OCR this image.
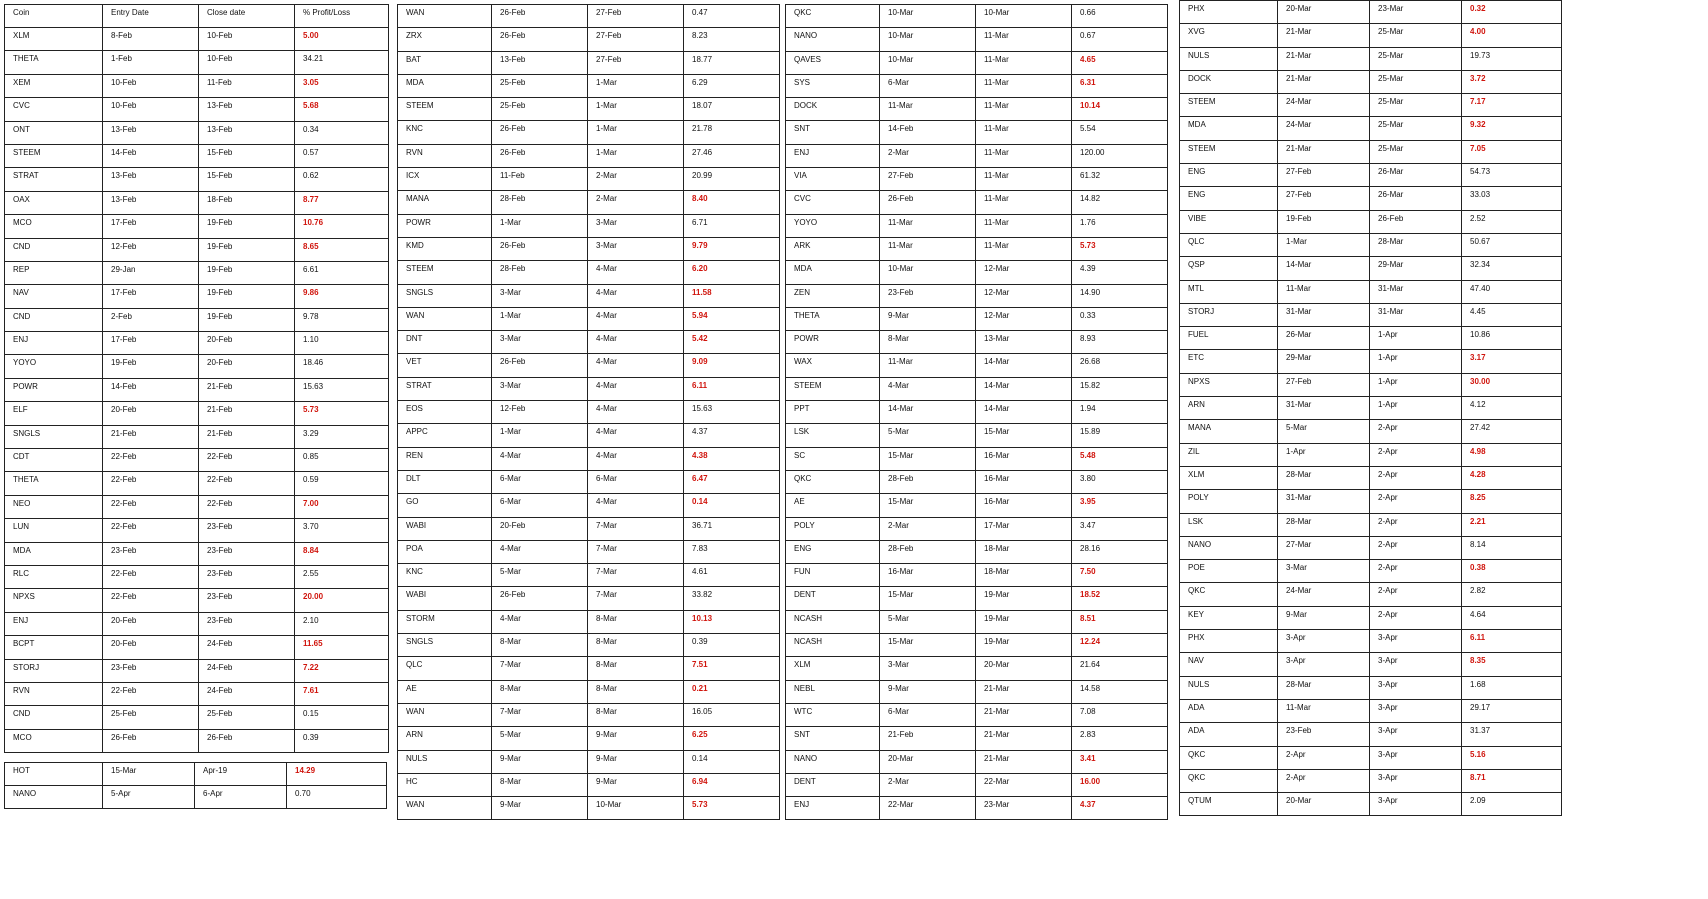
Coin	Entry Date	Close date	% Profit/Loss
XLM	8-Feb	10-Feb	5.00
THETA	1-Feb	10-Feb	34.21
XEM	10-Feb	11-Feb	3.05
CVC	10-Feb	13-Feb	5.68
ONT	13-Feb	13-Feb	0.34
STEEM	14-Feb	15-Feb	0.57
STRAT	13-Feb	15-Feb	0.62
OAX	13-Feb	18-Feb	8.77
MCO	17-Feb	19-Feb	10.76
CND	12-Feb	19-Feb	8.65
REP	29-Jan	19-Feb	6.61
NAV	17-Feb	19-Feb	9.86
CND	2-Feb	19-Feb	9.78
ENJ	17-Feb	20-Feb	1.10
YOYO	19-Feb	20-Feb	18.46
POWR	14-Feb	21-Feb	15.63
ELF	20-Feb	21-Feb	5.73
SNGLS	21-Feb	21-Feb	3.29
CDT	22-Feb	22-Feb	0.85
THETA	22-Feb	22-Feb	0.59
NEO	22-Feb	22-Feb	7.00
LUN	22-Feb	23-Feb	3.70
MDA	23-Feb	23-Feb	8.84
RLC	22-Feb	23-Feb	2.55
NPXS	22-Feb	23-Feb	20.00
ENJ	20-Feb	23-Feb	2.10
BCPT	20-Feb	24-Feb	11.65
STORJ	23-Feb	24-Feb	7.22
RVN	22-Feb	24-Feb	7.61
CND	25-Feb	25-Feb	0.15
MCO	26-Feb	26-Feb	0.39
HOT	15-Mar	Apr-19	14.29
NANO	5-Apr	6-Apr	0.70
WAN	26-Feb	27-Feb	0.47
ZRX	26-Feb	27-Feb	8.23
BAT	13-Feb	27-Feb	18.77
MDA	25-Feb	1-Mar	6.29
STEEM	25-Feb	1-Mar	18.07
KNC	26-Feb	1-Mar	21.78
RVN	26-Feb	1-Mar	27.46
ICX	11-Feb	2-Mar	20.99
MANA	28-Feb	2-Mar	8.40
POWR	1-Mar	3-Mar	6.71
KMD	26-Feb	3-Mar	9.79
STEEM	28-Feb	4-Mar	6.20
SNGLS	3-Mar	4-Mar	11.58
WAN	1-Mar	4-Mar	5.94
DNT	3-Mar	4-Mar	5.42
VET	26-Feb	4-Mar	9.09
STRAT	3-Mar	4-Mar	6.11
EOS	12-Feb	4-Mar	15.63
APPC	1-Mar	4-Mar	4.37
REN	4-Mar	4-Mar	4.38
DLT	6-Mar	6-Mar	6.47
GO	6-Mar	4-Mar	0.14
WABI	20-Feb	7-Mar	36.71
POA	4-Mar	7-Mar	7.83
KNC	5-Mar	7-Mar	4.61
WABI	26-Feb	7-Mar	33.82
STORM	4-Mar	8-Mar	10.13
SNGLS	8-Mar	8-Mar	0.39
QLC	7-Mar	8-Mar	7.51
AE	8-Mar	8-Mar	0.21
WAN	7-Mar	8-Mar	16.05
ARN	5-Mar	9-Mar	6.25
NULS	9-Mar	9-Mar	0.14
HC	8-Mar	9-Mar	6.94
WAN	9-Mar	10-Mar	5.73
QKC	10-Mar	10-Mar	0.66
NANO	10-Mar	11-Mar	0.67
QAVES	10-Mar	11-Mar	4.65
SYS	6-Mar	11-Mar	6.31
DOCK	11-Mar	11-Mar	10.14
SNT	14-Feb	11-Mar	5.54
ENJ	2-Mar	11-Mar	120.00
VIA	27-Feb	11-Mar	61.32
CVC	26-Feb	11-Mar	14.82
YOYO	11-Mar	11-Mar	1.76
ARK	11-Mar	11-Mar	5.73
MDA	10-Mar	12-Mar	4.39
ZEN	23-Feb	12-Mar	14.90
THETA	9-Mar	12-Mar	0.33
POWR	8-Mar	13-Mar	8.93
WAX	11-Mar	14-Mar	26.68
STEEM	4-Mar	14-Mar	15.82
PPT	14-Mar	14-Mar	1.94
LSK	5-Mar	15-Mar	15.89
SC	15-Mar	16-Mar	5.48
QKC	28-Feb	16-Mar	3.80
AE	15-Mar	16-Mar	3.95
POLY	2-Mar	17-Mar	3.47
ENG	28-Feb	18-Mar	28.16
FUN	16-Mar	18-Mar	7.50
DENT	15-Mar	19-Mar	18.52
NCASH	5-Mar	19-Mar	8.51
NCASH	15-Mar	19-Mar	12.24
XLM	3-Mar	20-Mar	21.64
NEBL	9-Mar	21-Mar	14.58
WTC	6-Mar	21-Mar	7.08
SNT	21-Feb	21-Mar	2.83
NANO	20-Mar	21-Mar	3.41
DENT	2-Mar	22-Mar	16.00
ENJ	22-Mar	23-Mar	4.37
PHX	20-Mar	23-Mar	0.32
XVG	21-Mar	25-Mar	4.00
NULS	21-Mar	25-Mar	19.73
DOCK	21-Mar	25-Mar	3.72
STEEM	24-Mar	25-Mar	7.17
MDA	24-Mar	25-Mar	9.32
STEEM	21-Mar	25-Mar	7.05
ENG	27-Feb	26-Mar	54.73
ENG	27-Feb	26-Mar	33.03
VIBE	19-Feb	26-Feb	2.52
QLC	1-Mar	28-Mar	50.67
QSP	14-Mar	29-Mar	32.34
MTL	11-Mar	31-Mar	47.40
STORJ	31-Mar	31-Mar	4.45
FUEL	26-Mar	1-Apr	10.86
ETC	29-Mar	1-Apr	3.17
NPXS	27-Feb	1-Apr	30.00
ARN	31-Mar	1-Apr	4.12
MANA	5-Mar	2-Apr	27.42
ZIL	1-Apr	2-Apr	4.98
XLM	28-Mar	2-Apr	4.28
POLY	31-Mar	2-Apr	8.25
LSK	28-Mar	2-Apr	2.21
NANO	27-Mar	2-Apr	8.14
POE	3-Mar	2-Apr	0.38
QKC	24-Mar	2-Apr	2.82
KEY	9-Mar	2-Apr	4.64
PHX	3-Apr	3-Apr	6.11
NAV	3-Apr	3-Apr	8.35
NULS	28-Mar	3-Apr	1.68
ADA	11-Mar	3-Apr	29.17
ADA	23-Feb	3-Apr	31.37
QKC	2-Apr	3-Apr	5.16
QKC	2-Apr	3-Apr	8.71
QTUM	20-Mar	3-Apr	2.09
